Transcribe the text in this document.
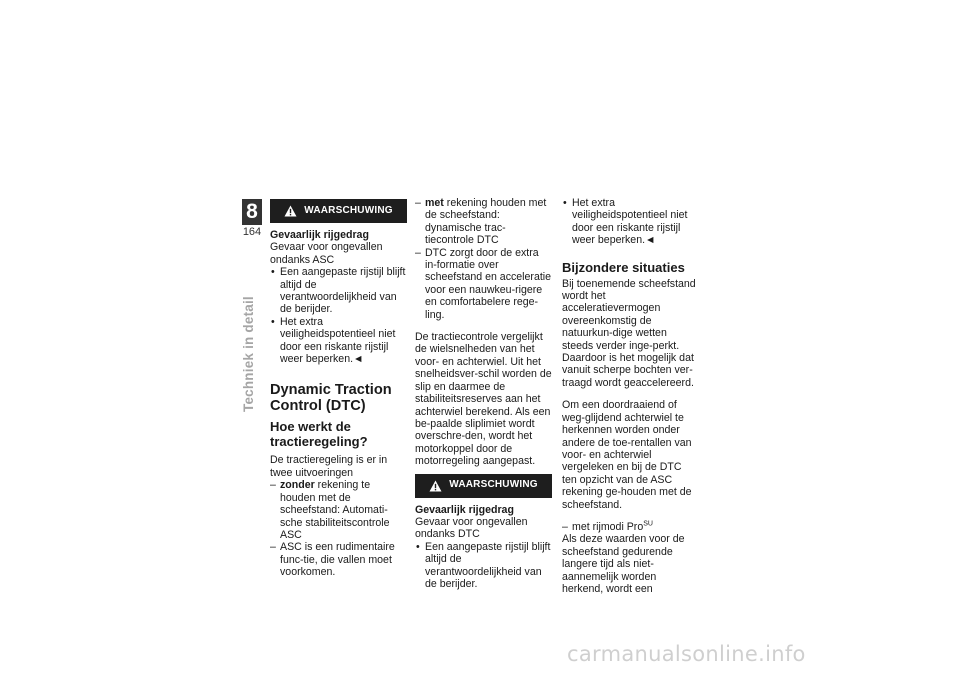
8
164
Techniek in detail
WAARSCHUWING
Gevaarlijk rijgedrag

Gevaar voor ongevallen ondanks ASC

• Een aangepaste rijstijl blijft altijd de verantwoordelijkheid van de berijder.
• Het extra veiligheidspotentieel niet door een riskante rijstijl weer beperken.◄
Dynamic Traction Control (DTC)
Hoe werkt de tractieregeling?

De tractieregeling is er in twee uitvoeringen

– zonder rekening te houden met de scheefstand: Automati-sche stabiliteitscontrole ASC
– ASC is een rudimentaire func-tie, die vallen moet voorkomen.
– met rekening houden met de scheefstand: dynamische trac-tiecontrole DTC
– DTC zorgt door de extra in-formatie over scheefstand en acceleratie voor een nauwkeu-rigere en comfortabelere rege-ling.

De tractiecontrole vergelijkt de wielsnelheden van het voor- en achterwiel. Uit het snelheidsver-schil worden de slip en daarmee de stabiliteitsreserves aan het achterwiel berekend. Als een be-paalde sliplimiet wordt overschre-den, wordt het motorkoppel door de motorregeling aangepast.

WAARSCHUWING
Gevaarlijk rijgedrag

Gevaar voor ongevallen ondanks DTC

• Een aangepaste rijstijl blijft altijd de verantwoordelijkheid van de berijder.
• Het extra veiligheidspotentieel niet door een riskante rijstijl weer beperken.◄
Bijzondere situaties

Bij toenemende scheefstand wordt het acceleratievermogen overeenkomstig de natuurkun-dige wetten steeds verder inge-perkt. Daardoor is het mogelijk dat vanuit scherpe bochten ver-traagd wordt geaccelereerd.

Om een doordraaiend of weg-glijdend achterwiel te herkennen worden onder andere de toe-rentallen van voor- en achterwiel vergeleken en bij de DTC ten opzicht van de ASC rekening ge-houden met de scheefstand.

– met rijmodi Pro$^{SU}$

Als deze waarden voor de scheefstand gedurende langere tijd als niet-aannemelijk worden herkend, wordt een

carmanualsonline.info
